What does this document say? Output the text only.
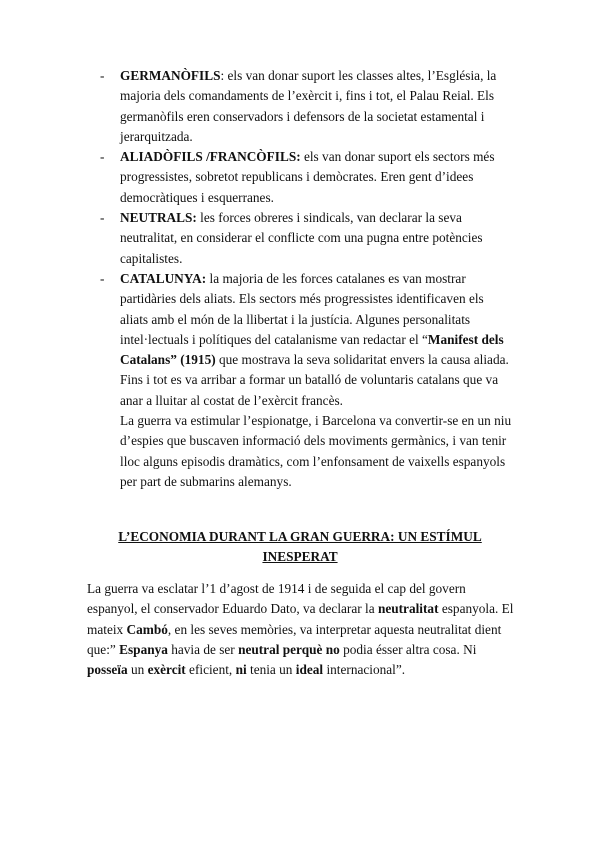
- GERMANÒFILS: els van donar suport les classes altes, l’Església, la majoria dels comandaments de l’exèrcit i, fins i tot, el Palau Reial. Els germanòfils eren conservadors i defensors de la societat estamental i jerarquitzada.
- ALIADÒFILS /FRANCÒFILS: els van donar suport els sectors més progressistes, sobretot republicans i demòcrates. Eren gent d’idees democràtiques i esquerranes.
- NEUTRALS: les forces obreres i sindicals, van declarar la seva neutralitat, en considerar el conflicte com una pugna entre potències capitalistes.
- CATALUNYA: la majoria de les forces catalanes es van mostrar partidàries dels aliats. Els sectors més progressistes identificaven els aliats amb el món de la llibertat i la justícia. Algunes personalitats intel·lectuals i polítiques del catalanisme van redactar el “Manifest dels Catalans” (1915) que mostrava la seva solidaritat envers la causa aliada. Fins i tot es va arribar a formar un batalló de voluntaris catalans que va anar a lluitar al costat de l’exèrcit francès.
La guerra va estimular l’espionatge, i Barcelona va convertir-se en un niu d’espies que buscaven informació dels moviments germànics, i van tenir lloc alguns episodis dramàtics, com l’enfonsament de vaixells espanyols per part de submarins alemanys.
L’ECONOMIA DURANT LA GRAN GUERRA: UN ESTÍMUL INESPERAT
La guerra va esclatar l’1 d’agost de 1914 i de seguida el cap del govern espanyol, el conservador Eduardo Dato, va declarar la neutralitat espanyola. El mateix Cambó, en les seves memòries, va interpretar aquesta neutralitat dient que:” Espanya havia de ser neutral perquè no podia ésser altra cosa. Ni posseïa un exèrcit eficient, ni tenia un ideal internacional”.
